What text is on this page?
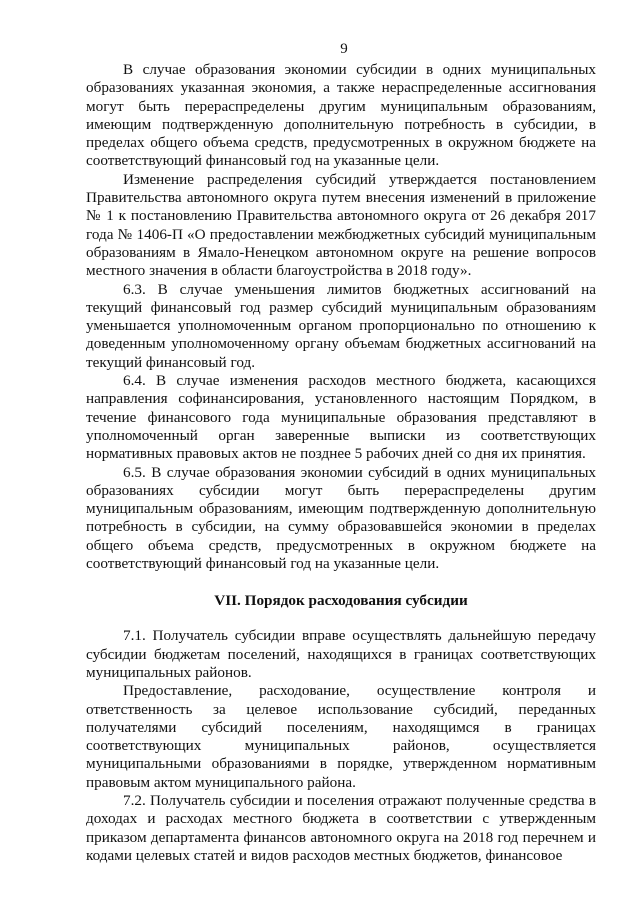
9

В случае образования экономии субсидии в одних муниципальных образованиях указанная экономия, а также нераспределенные ассигнования могут быть перераспределены другим муниципальным образованиям, имеющим подтвержденную дополнительную потребность в субсидии, в пределах общего объема средств, предусмотренных в окружном бюджете на соответствующий финансовый год на указанные цели.

Изменение распределения субсидий утверждается постановлением Правительства автономного округа путем внесения изменений в приложение № 1 к постановлению Правительства автономного округа от 26 декабря 2017 года № 1406-П «О предоставлении межбюджетных субсидий муниципальным образованиям в Ямало-Ненецком автономном округе на решение вопросов местного значения в области благоустройства в 2018 году».

6.3. В случае уменьшения лимитов бюджетных ассигнований на текущий финансовый год размер субсидий муниципальным образованиям уменьшается уполномоченным органом пропорционально по отношению к доведенным уполномоченному органу объемам бюджетных ассигнований на текущий финансовый год.

6.4. В случае изменения расходов местного бюджета, касающихся направления софинансирования, установленного настоящим Порядком, в течение финансового года муниципальные образования представляют в уполномоченный орган заверенные выписки из соответствующих нормативных правовых актов не позднее 5 рабочих дней со дня их принятия.

6.5. В случае образования экономии субсидий в одних муниципальных образованиях субсидии могут быть перераспределены другим муниципальным образованиям, имеющим подтвержденную дополнительную потребность в субсидии, на сумму образовавшейся экономии в пределах общего объема средств, предусмотренных в окружном бюджете на соответствующий финансовый год на указанные цели.

VII. Порядок расходования субсидии

7.1. Получатель субсидии вправе осуществлять дальнейшую передачу субсидии бюджетам поселений, находящихся в границах соответствующих муниципальных районов.

Предоставление, расходование, осуществление контроля и ответственность за целевое использование субсидий, переданных получателями субсидий поселениям, находящимся в границах соответствующих муниципальных районов, осуществляется муниципальными образованиями в порядке, утвержденном нормативным правовым актом муниципального района.

7.2. Получатель субсидии и поселения отражают полученные средства в доходах и расходах местного бюджета в соответствии с утвержденным приказом департамента финансов автономного округа на 2018 год перечнем и кодами целевых статей и видов расходов местных бюджетов, финансовое
